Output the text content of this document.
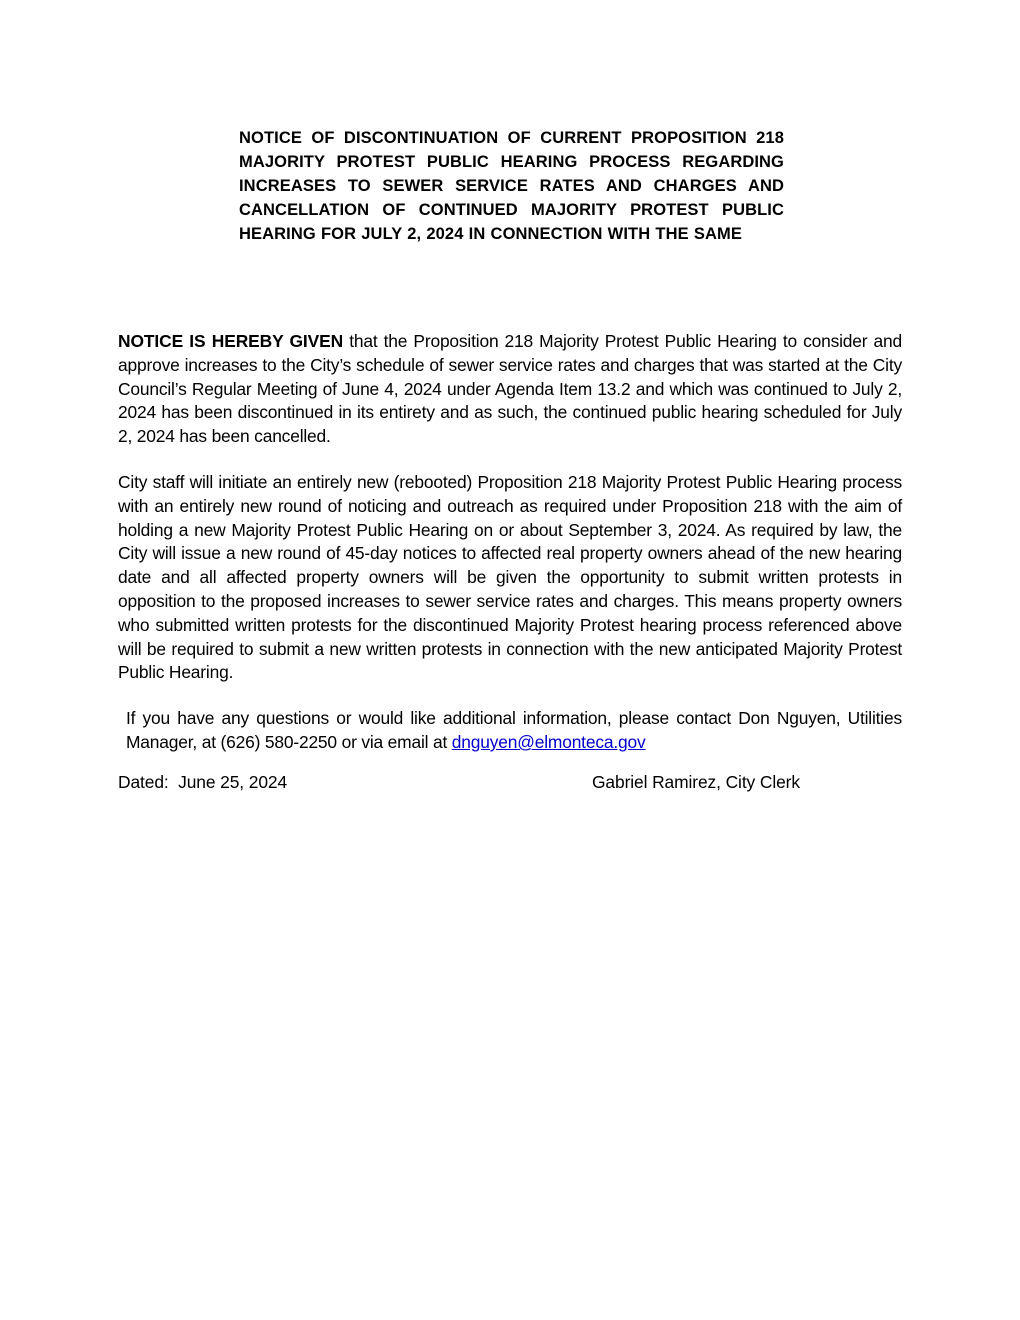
NOTICE OF DISCONTINUATION OF CURRENT PROPOSITION 218 MAJORITY PROTEST PUBLIC HEARING PROCESS REGARDING INCREASES TO SEWER SERVICE RATES AND CHARGES AND CANCELLATION OF CONTINUED MAJORITY PROTEST PUBLIC HEARING FOR JULY 2, 2024 IN CONNECTION WITH THE SAME

NOTICE IS HEREBY GIVEN that the Proposition 218 Majority Protest Public Hearing to consider and approve increases to the City’s schedule of sewer service rates and charges that was started at the City Council’s Regular Meeting of June 4, 2024 under Agenda Item 13.2 and which was continued to July 2, 2024 has been discontinued in its entirety and as such, the continued public hearing scheduled for July 2, 2024 has been cancelled.

City staff will initiate an entirely new (rebooted) Proposition 218 Majority Protest Public Hearing process with an entirely new round of noticing and outreach as required under Proposition 218 with the aim of holding a new Majority Protest Public Hearing on or about September 3, 2024. As required by law, the City will issue a new round of 45-day notices to affected real property owners ahead of the new hearing date and all affected property owners will be given the opportunity to submit written protests in opposition to the proposed increases to sewer service rates and charges. This means property owners who submitted written protests for the discontinued Majority Protest hearing process referenced above will be required to submit a new written protests in connection with the new anticipated Majority Protest Public Hearing.

If you have any questions or would like additional information, please contact Don Nguyen, Utilities Manager, at (626) 580-2250 or via email at dnguyen@elmonteca.gov

Dated:  June 25, 2024	Gabriel Ramirez, City Clerk
